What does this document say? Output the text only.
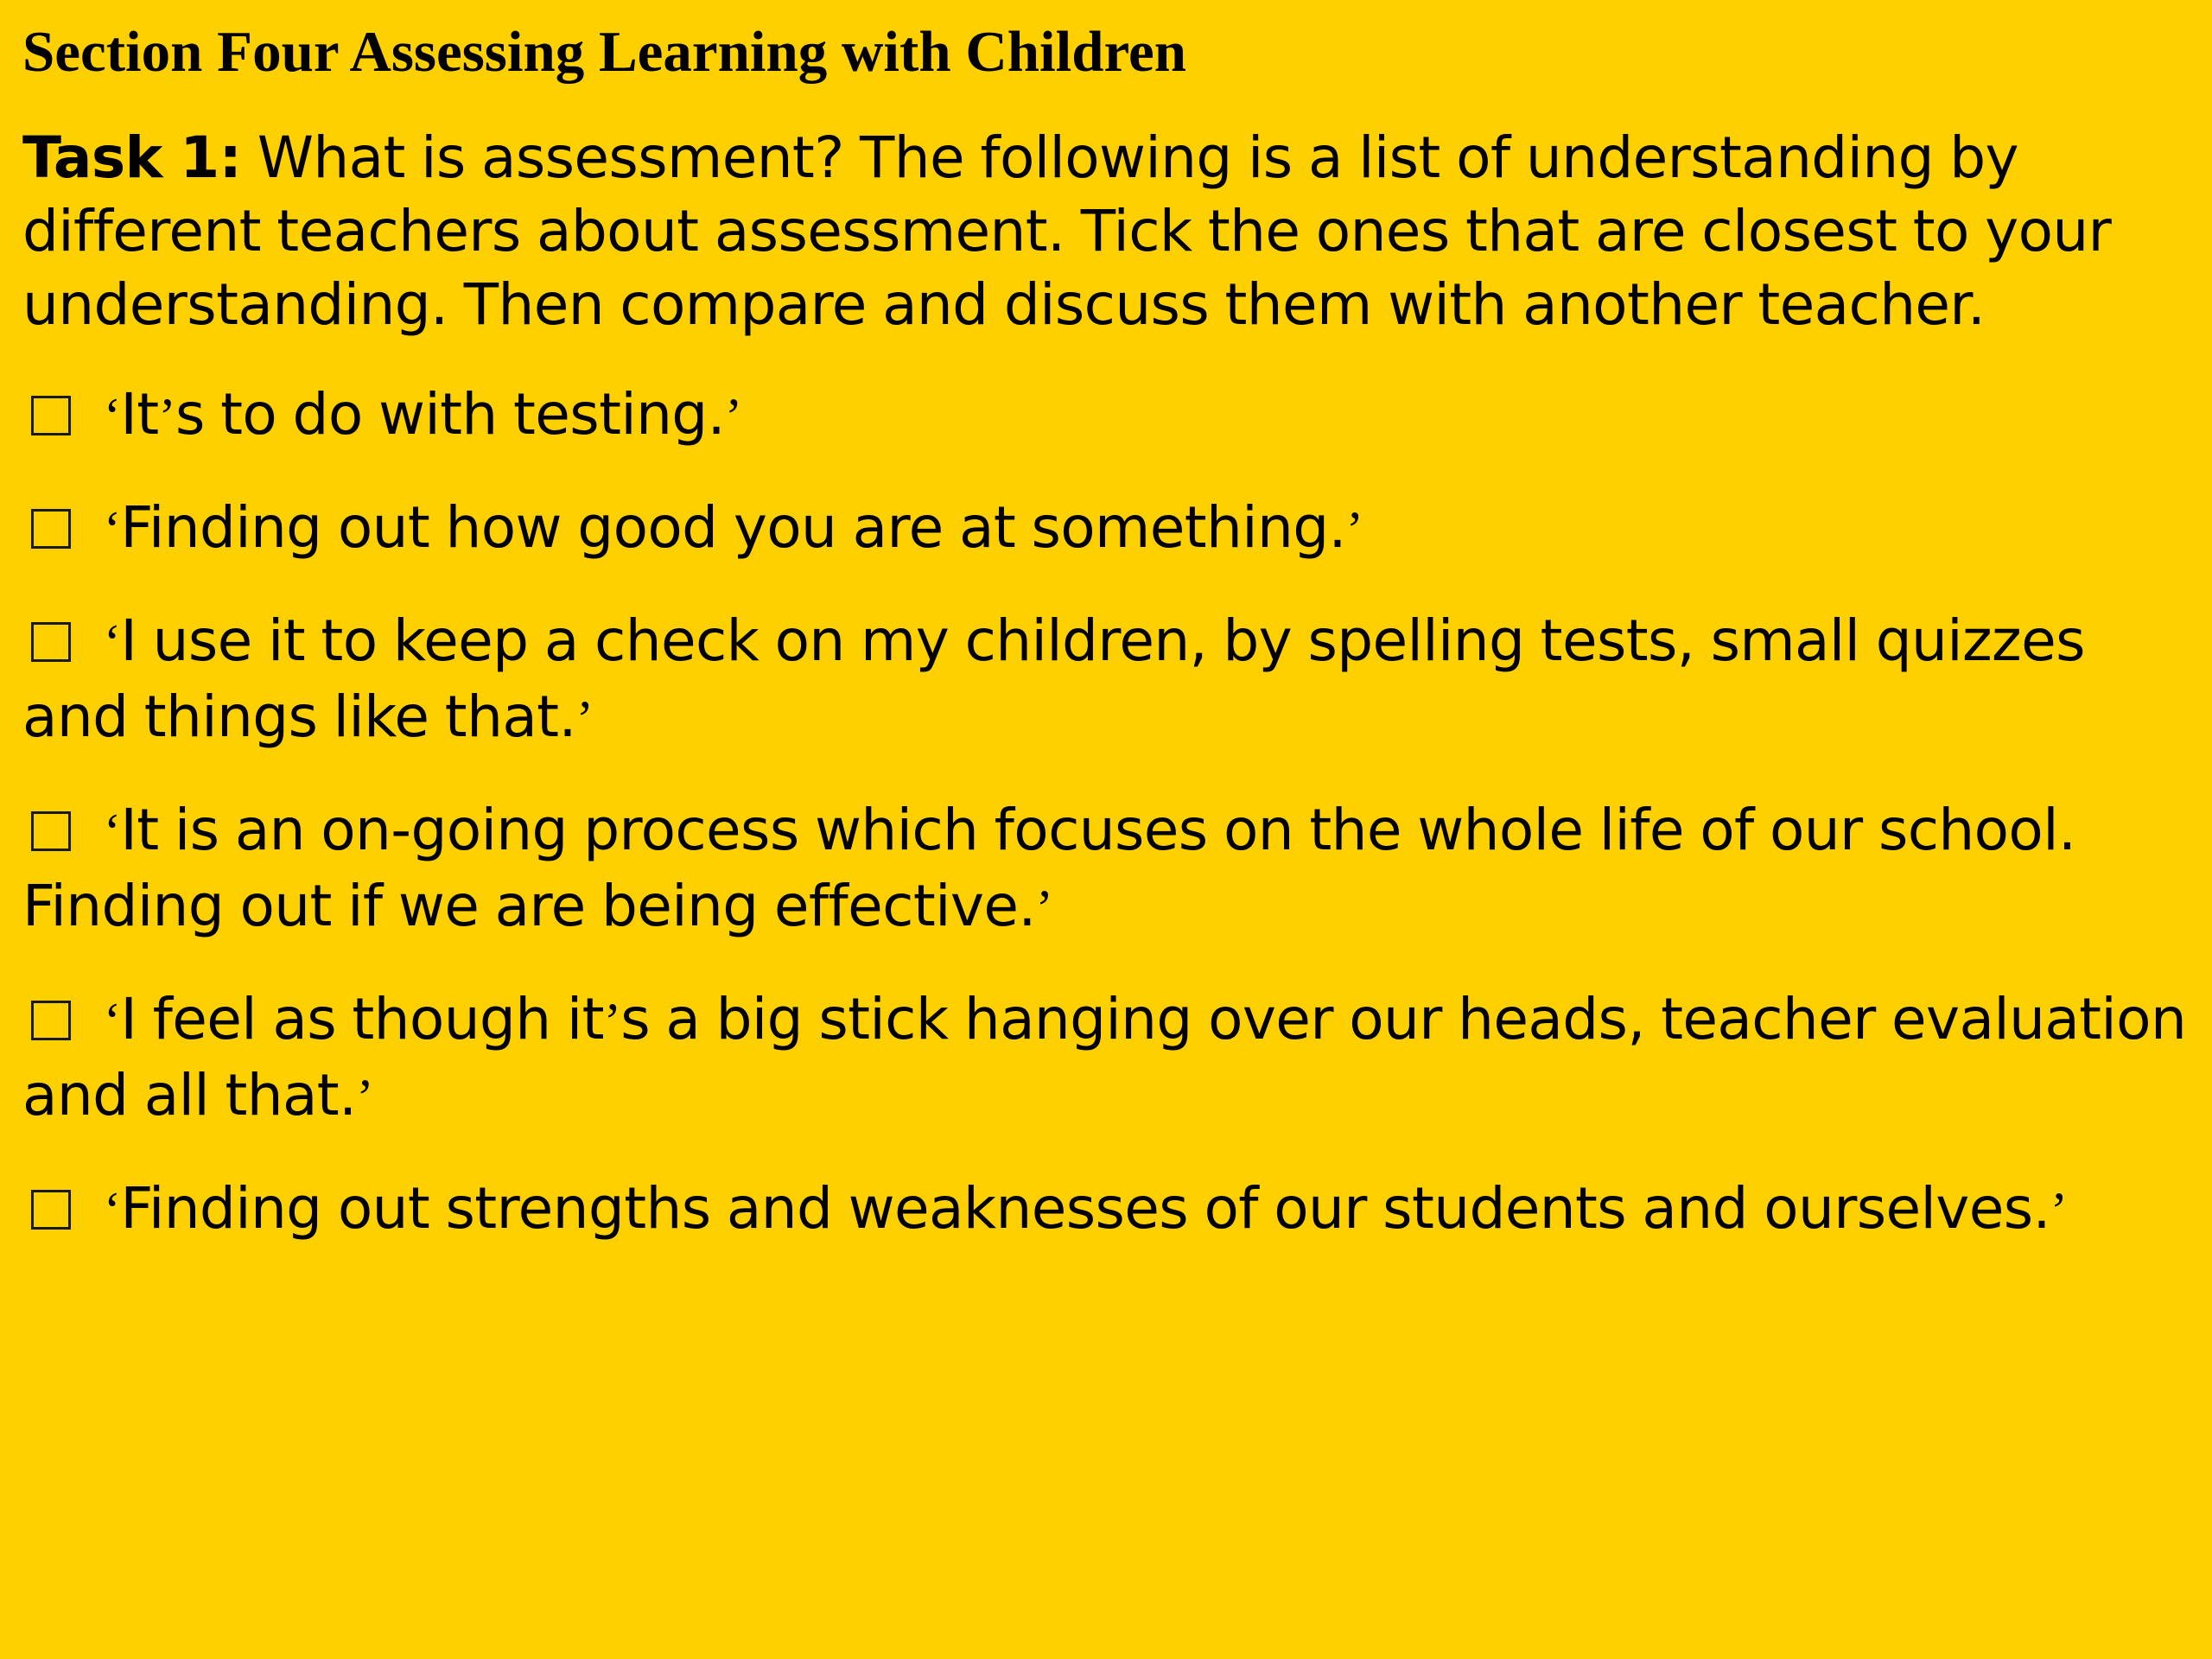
Section Four Assessing Learning with Children
Task 1: What is assessment? The following is a list of understanding by different teachers about assessment. Tick the ones that are closest to your understanding. Then compare and discuss them with another teacher.
‘It’s to do with testing.’
‘Finding out how good you are at something.’
‘I use it to keep a check on my children, by spelling tests, small quizzes and things like that.’
‘It is an on-going process which focuses on the whole life of our school. Finding out if we are being effective.’
‘I feel as though it’s a big stick hanging over our heads, teacher evaluation and all that.’
‘Finding out strengths and weaknesses of our students and ourselves.’
